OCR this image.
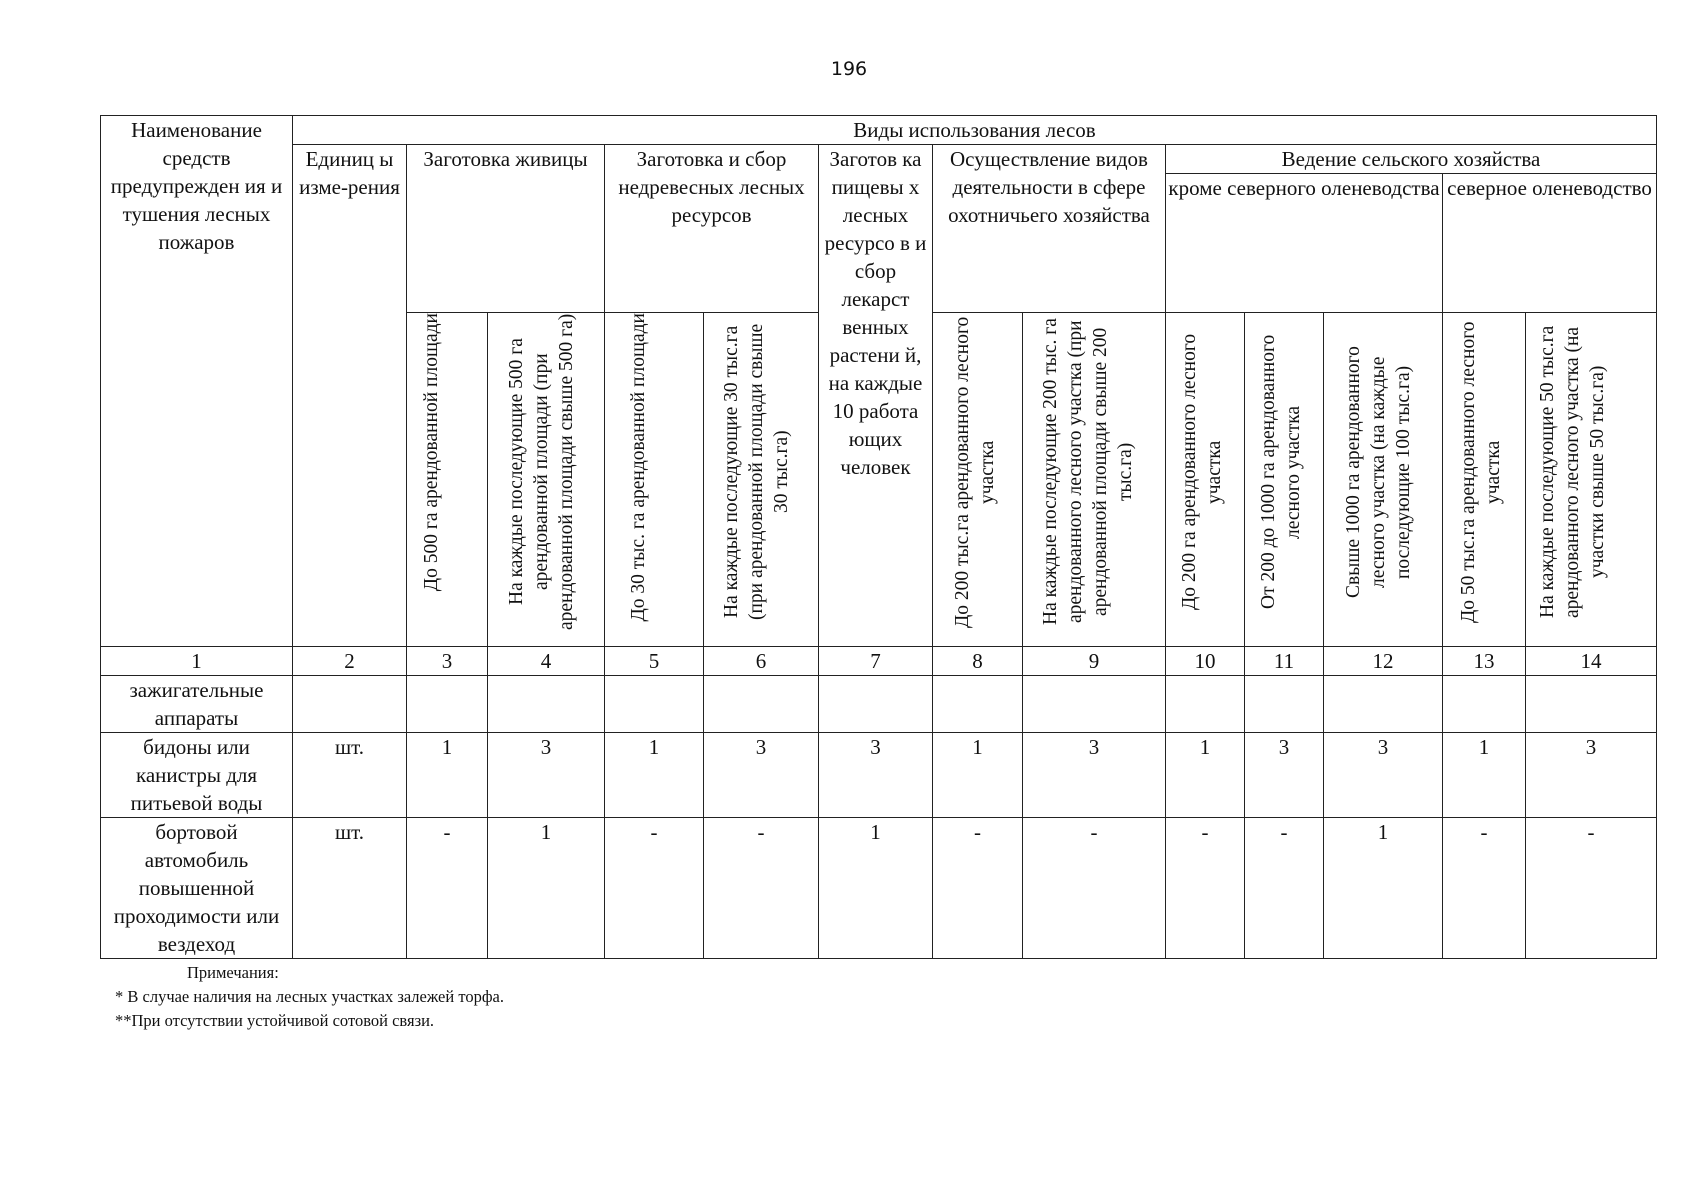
196
Наименование средств предупрежден ия и тушения лесных пожаров	Виды использования лесов												
	Единиц ы изме-рения	Заготовка живицы		Заготовка и сбор недревесных лесных ресурсов		Заготов ка пищевы х лесных ресурсо в и сбор лекарст венных растени й, на каждые 10 работа ющих человек	Осуществление видов деятельности в сфере охотничьего хозяйства		Ведение сельского хозяйства				
									кроме северного оленеводства			северное оленеводство	
		До 500 га арендованной площади	На каждые последующие 500 га арендованной площади (при арендованной площади свыше 500 га)	До 30 тыс. га арендованной площади	На каждые последующие 30 тыс.га (при арендованной площади свыше 30 тыс.га)		До 200 тыс.га арендованного лесного участка	На каждые последующие 200 тыс. га арендованного лесного участка (при арендованной площади свыше 200 тыс.га)	До 200 га арендованного лесного участка	От 200 до 1000 га арендованного лесного участка	Свыше 1000 га арендованного лесного участка (на каждые последующие 100 тыс.га)	До 50 тыс.га арендованного лесного участка	На каждые последующие 50 тыс.га арендованного лесного участка (на участки свыше 50 тыс.га)
1	2	3	4	5	6	7	8	9	10	11	12	13	14
зажигательные аппараты													
бидоны или канистры для питьевой воды	шт.	1	3	1	3	3	1	3	1	3	3	1	3
бортовой автомобиль повышенной проходимости или вездеход	шт.	-	1	-	-	1	-	-	-	-	1	-	-
Примечания:
* В случае наличия на лесных участках залежей торфа.
**При отсутствии устойчивой сотовой связи.
